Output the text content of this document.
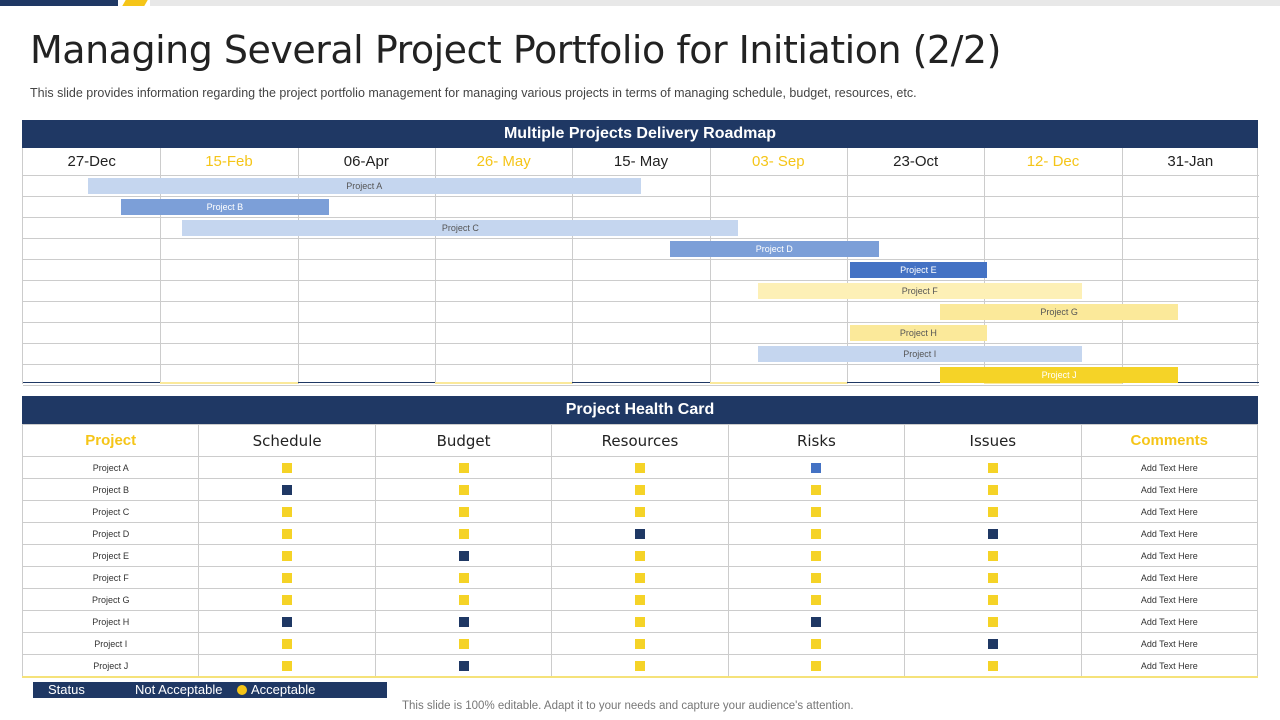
Managing Several Project Portfolio for Initiation (2/2)
This slide provides information regarding the project portfolio management for managing various projects in terms of managing schedule, budget, resources, etc.
Multiple Projects Delivery Roadmap
27-Dec	15-Feb	06-Apr	26- May	15- May	03- Sep	23-Oct	12- Dec	31-Jan
Project A
Project B
Project C
Project D
Project E
Project F
Project G
Project H
Project I
Project J
Project Health Card
Project	Schedule	Budget	Resources	Risks	Issues	Comments
Project A						Add Text Here
Project B						Add Text Here
Project C						Add Text Here
Project D						Add Text Here
Project E						Add Text Here
Project F						Add Text Here
Project G						Add Text Here
Project H						Add Text Here
Project I						Add Text Here
Project J						Add Text Here
Status	Not Acceptable Acceptable
This slide is 100% editable. Adapt it to your needs and capture your audience's attention.
